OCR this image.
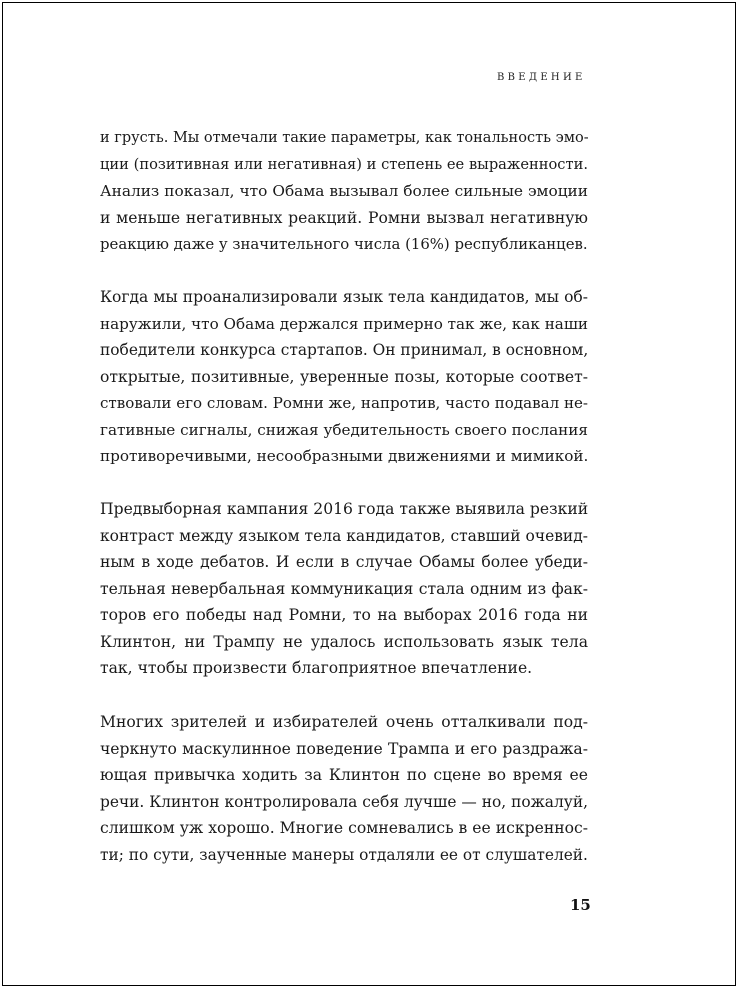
ВВЕДЕНИЕ
и грусть. Мы отмечали такие параметры, как тональность эмо-
ции (позитивная или негативная) и степень ее выраженности.
Анализ показал, что Обама вызывал более сильные эмоции
и меньше негативных реакций. Ромни вызвал негативную
реакцию даже у значительного числа (16%) республиканцев.
Когда мы проанализировали язык тела кандидатов, мы об-
наружили, что Обама держался примерно так же, как наши
победители конкурса стартапов. Он принимал, в основном,
открытые, позитивные, уверенные позы, которые соответ-
ствовали его словам. Ромни же, напротив, часто подавал не-
гативные сигналы, снижая убедительность своего послания
противоречивыми, несообразными движениями и мимикой.
Предвыборная кампания 2016 года также выявила резкий
контраст между языком тела кандидатов, ставший очевид-
ным в ходе дебатов. И если в случае Обамы более убеди-
тельная невербальная коммуникация стала одним из фак-
торов его победы над Ромни, то на выборах 2016 года ни
Клинтон, ни Трампу не удалось использовать язык тела
так, чтобы произвести благоприятное впечатление.
Многих зрителей и избирателей очень отталкивали под-
черкнуто маскулинное поведение Трампа и его раздража-
ющая привычка ходить за Клинтон по сцене во время ее
речи. Клинтон контролировала себя лучше — но, пожалуй,
слишком уж хорошо. Многие сомневались в ее искреннос-
ти; по сути, заученные манеры отдаляли ее от слушателей.
15
